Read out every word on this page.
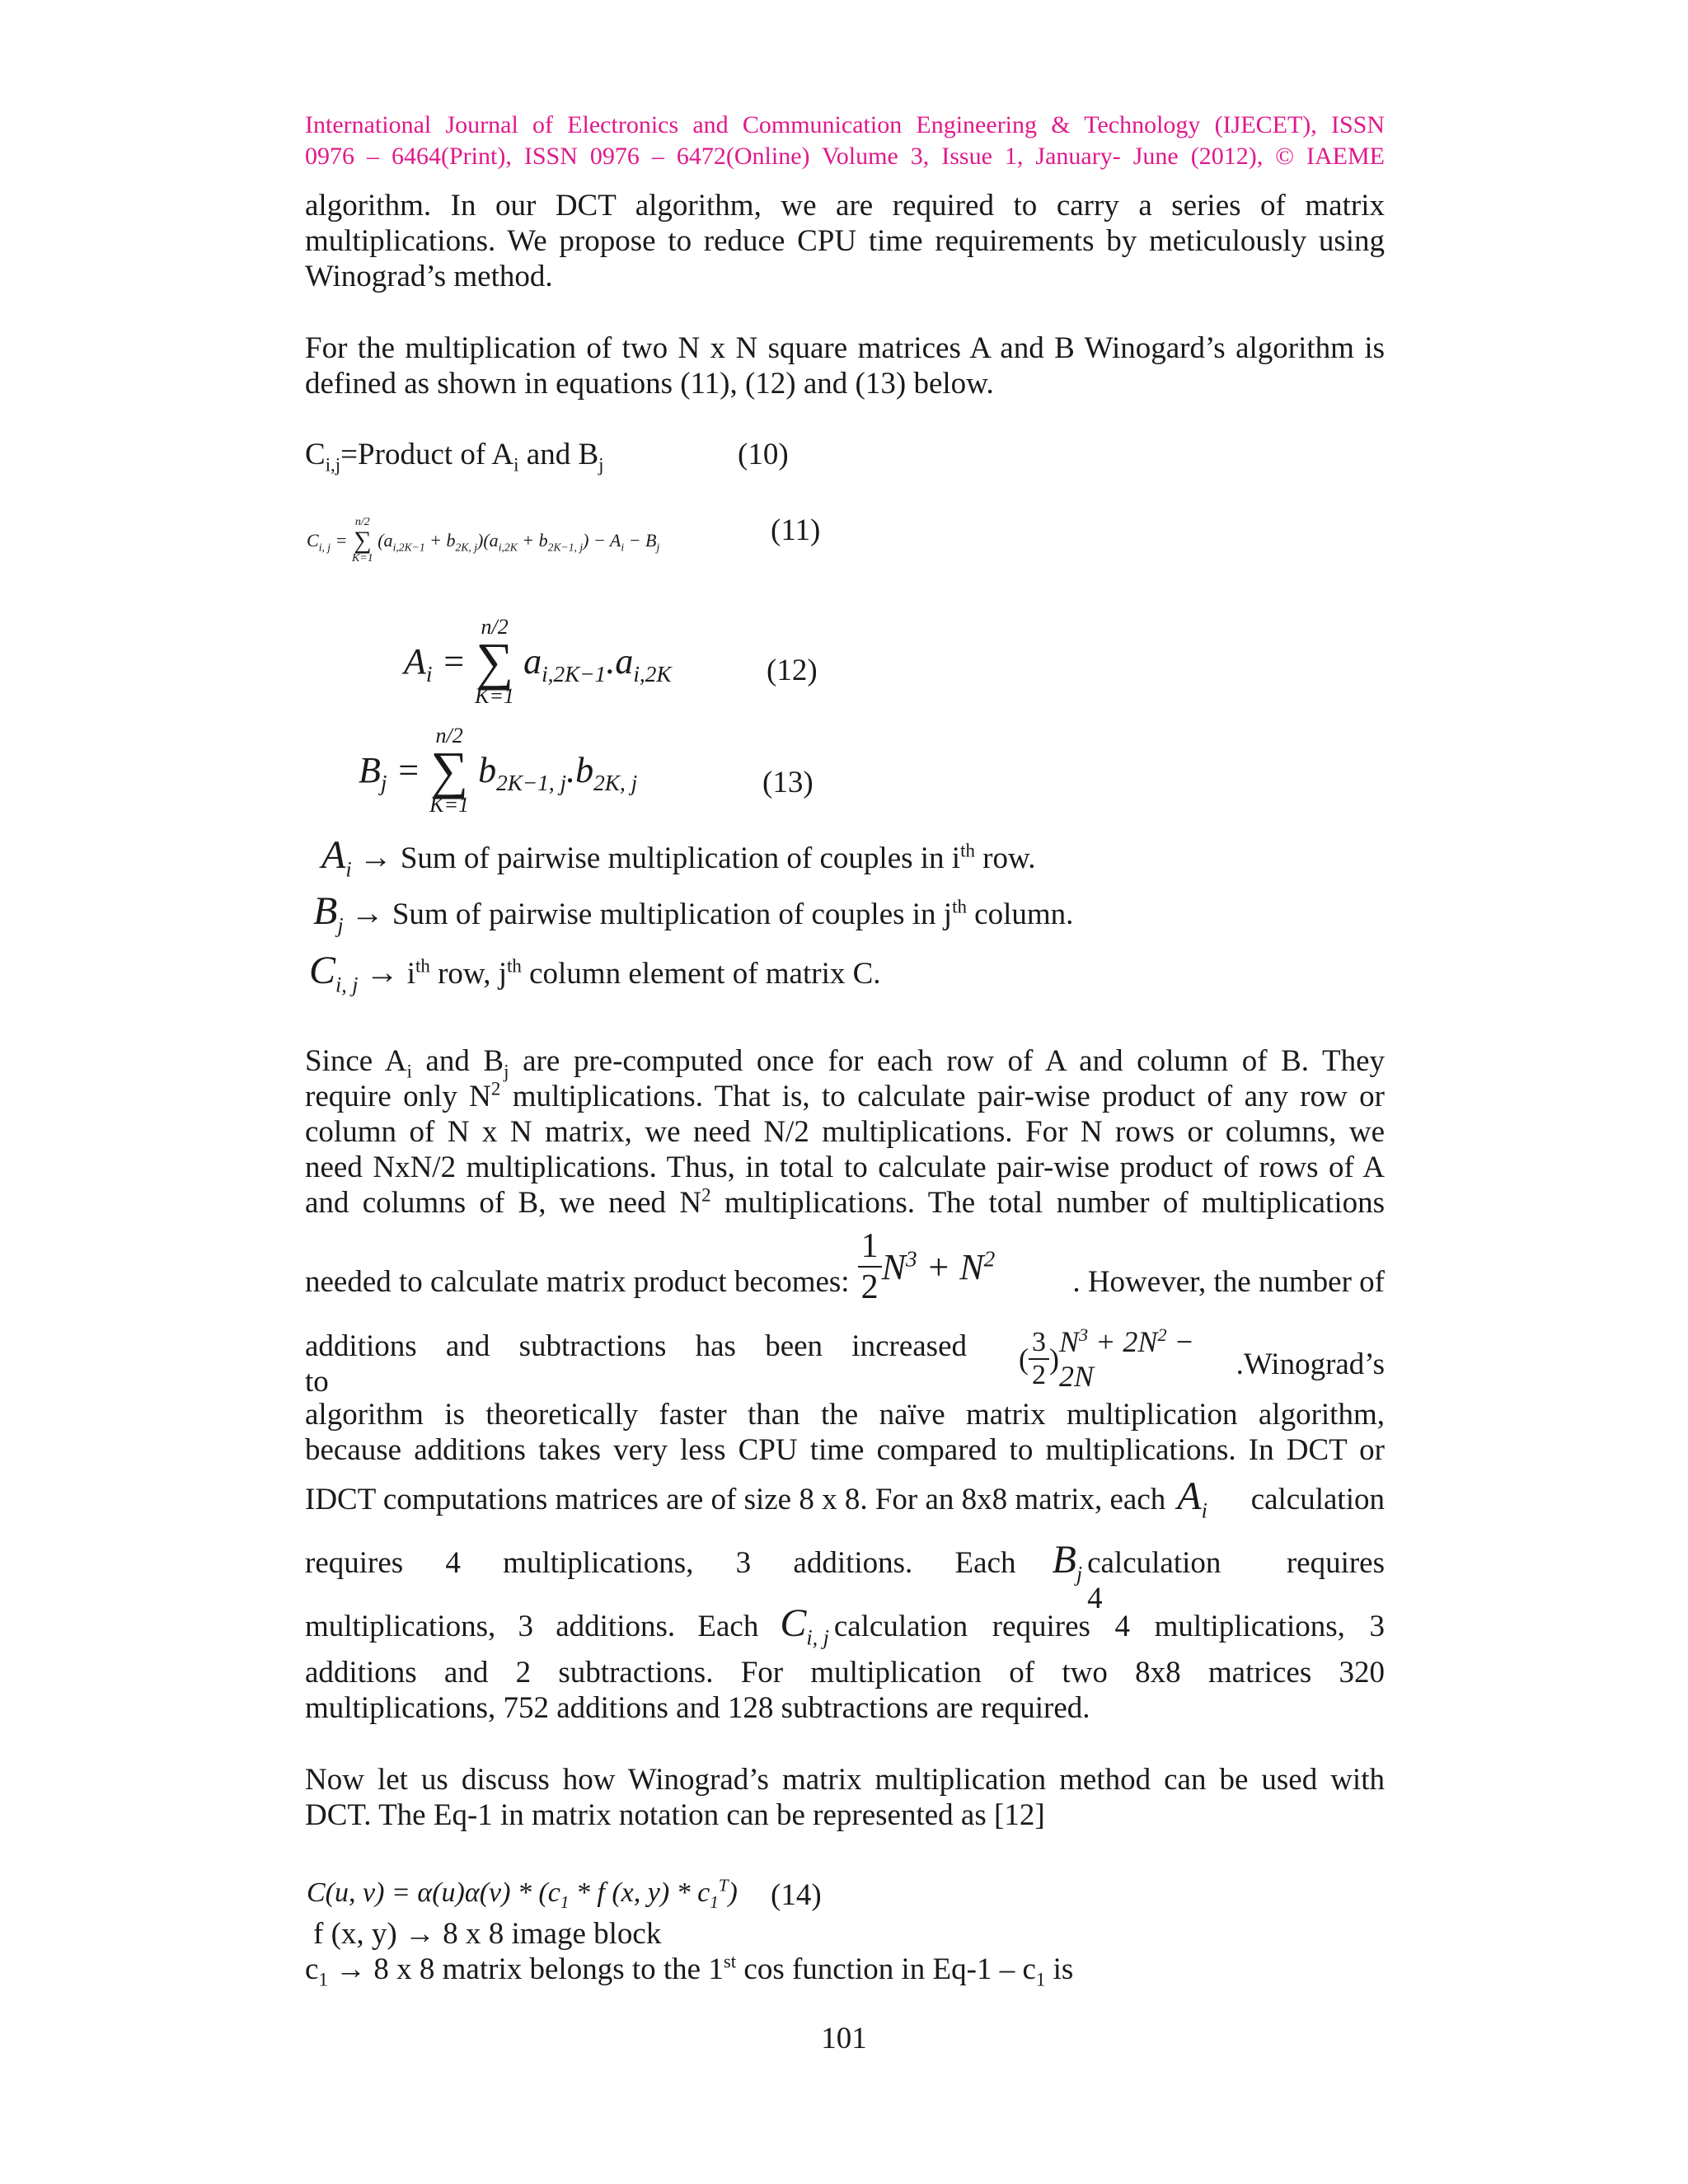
International Journal of Electronics and Communication Engineering & Technology (IJECET), ISSN
0976 – 6464(Print), ISSN 0976 – 6472(Online) Volume 3, Issue 1, January- June (2012), © IAEME
algorithm. In our DCT algorithm, we are required to carry a series of matrix
multiplications. We propose to reduce CPU time requirements by meticulously using
Winograd’s method.
For the multiplication of two N x N square matrices A and B Winogard’s algorithm is
defined as shown in equations (11), (12) and (13) below.
$C_{i,j}=Product$ of $A_i$ and $B_j$	(10)
$C_{i, j}$ =
n/2
∑
K=1
$(a_{i,2K-1} + b_{2K, j})(a_{i,2K} + b_{2K-1, j}) - A_i - B_j$	(11)
$A_i$ =
n/2
∑
K=1
$a_{i,2K-1}.a_{i,2K}$	(12)
$B_j$ =
n/2
∑
K=1
$b_{2K-1, j}.b_{2K, j}$	(13)
$A_i$ → Sum of pairwise multiplication of couples in $i^{th}$ row.
$B_j$ → Sum of pairwise multiplication of couples in $j^{th}$ column.
$C_{i, j} \to i^{th}$ row, $j^{th}$ column element of matrix C.
Since $A_i$ and $B_j$ are pre-computed once for each row of A and column of B. They
require only $N^2$ multiplications. That is, to calculate pair-wise product of any row or
column of N x N matrix, we need N/2 multiplications. For N rows or columns, we
need NxN/2 multiplications. Thus, in total to calculate pair-wise product of rows of A
and columns of B, we need $N^2$ multiplications. The total number of multiplications
needed to calculate matrix product becomes: $\frac{1}{2} N^3 + N^2$
. However, the number of
additions and subtractions has been increased to
( $\frac{3}{2}$ )
$N^3 + 2N^2 - 2N$	.Winograd’s
algorithm is theoretically faster than the naïve matrix multiplication algorithm,
because additions takes very less CPU time compared to multiplications. In DCT or
IDCT computations matrices are of size 8 x 8. For an 8x8 matrix, each $A_i$	calculation
requires 4 multiplications, 3 additions. Each $B_j$ calculation requires 4
multiplications, 3 additions. Each $C_{i, j}$ calculation requires 4 multiplications, 3
additions and 2 subtractions. For multiplication of two 8x8 matrices 320
multiplications, 752 additions and 128 subtractions are required.
Now let us discuss how Winograd’s matrix multiplication method can be used with
DCT. The Eq-1 in matrix notation can be represented as [12]
C(u, $v) = \alpha(u)\alpha(v) * (c_1 * f$ (x, $y) * c_1^T$) (14)
f (x, y) → 8 x 8 image block
$c_1 \to 8$ x 8 matrix belongs to the 1st cos function in $Eq-1 - c_1$ is
101
